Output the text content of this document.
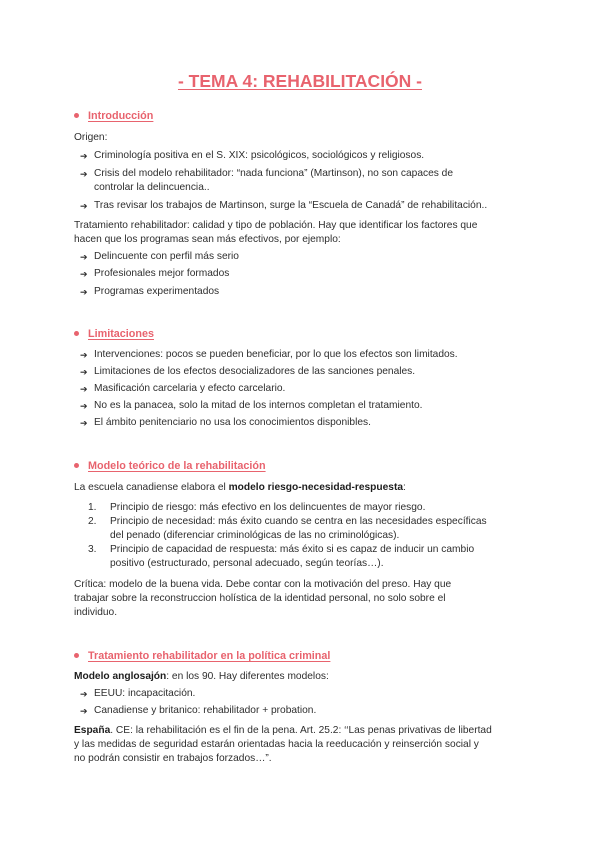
- TEMA 4: REHABILITACIÓN -
Introducción
Origen:
➔ Criminología positiva en el S. XIX: psicológicos, sociológicos y religiosos.
➔ Crisis del modelo rehabilitador: “nada funciona” (Martinson), no son capaces de
controlar la delincuencia..
➔ Tras revisar los trabajos de Martinson, surge la “Escuela de Canadá” de rehabilitación..
Tratamiento rehabilitador: calidad y tipo de población. Hay que identificar los factores que
hacen que los programas sean más efectivos, por ejemplo:
➔ Delincuente con perfil más serio
➔ Profesionales mejor formados
➔ Programas experimentados
Limitaciones
➔ Intervenciones: pocos se pueden beneficiar, por lo que los efectos son limitados.
➔ Limitaciones de los efectos desocializadores de las sanciones penales.
➔ Masificación carcelaria y efecto carcelario.
➔ No es la panacea, solo la mitad de los internos completan el tratamiento.
➔ El ámbito penitenciario no usa los conocimientos disponibles.
Modelo teórico de la rehabilitación
La escuela canadiense elabora el modelo riesgo-necesidad-respuesta:
1. Principio de riesgo: más efectivo en los delincuentes de mayor riesgo.
2. Principio de necesidad: más éxito cuando se centra en las necesidades específicas
del penado (diferenciar criminológicas de las no criminológicas).
3. Principio de capacidad de respuesta: más éxito si es capaz de inducir un cambio
positivo (estructurado, personal adecuado, según teorías…).
Crítica: modelo de la buena vida. Debe contar con la motivación del preso. Hay que
trabajar sobre la reconstruccion holística de la identidad personal, no solo sobre el
individuo.
Tratamiento rehabilitador en la política criminal
Modelo anglosajón: en los 90. Hay diferentes modelos:
➔ EEUU: incapacitación.
➔ Canadiense y britanico: rehabilitador + probation.
España. CE: la rehabilitación es el fin de la pena. Art. 25.2: ‘‘Las penas privativas de libertad
y las medidas de seguridad estarán orientadas hacia la reeducación y reinserción social y
no podrán consistir en trabajos forzados…”.
